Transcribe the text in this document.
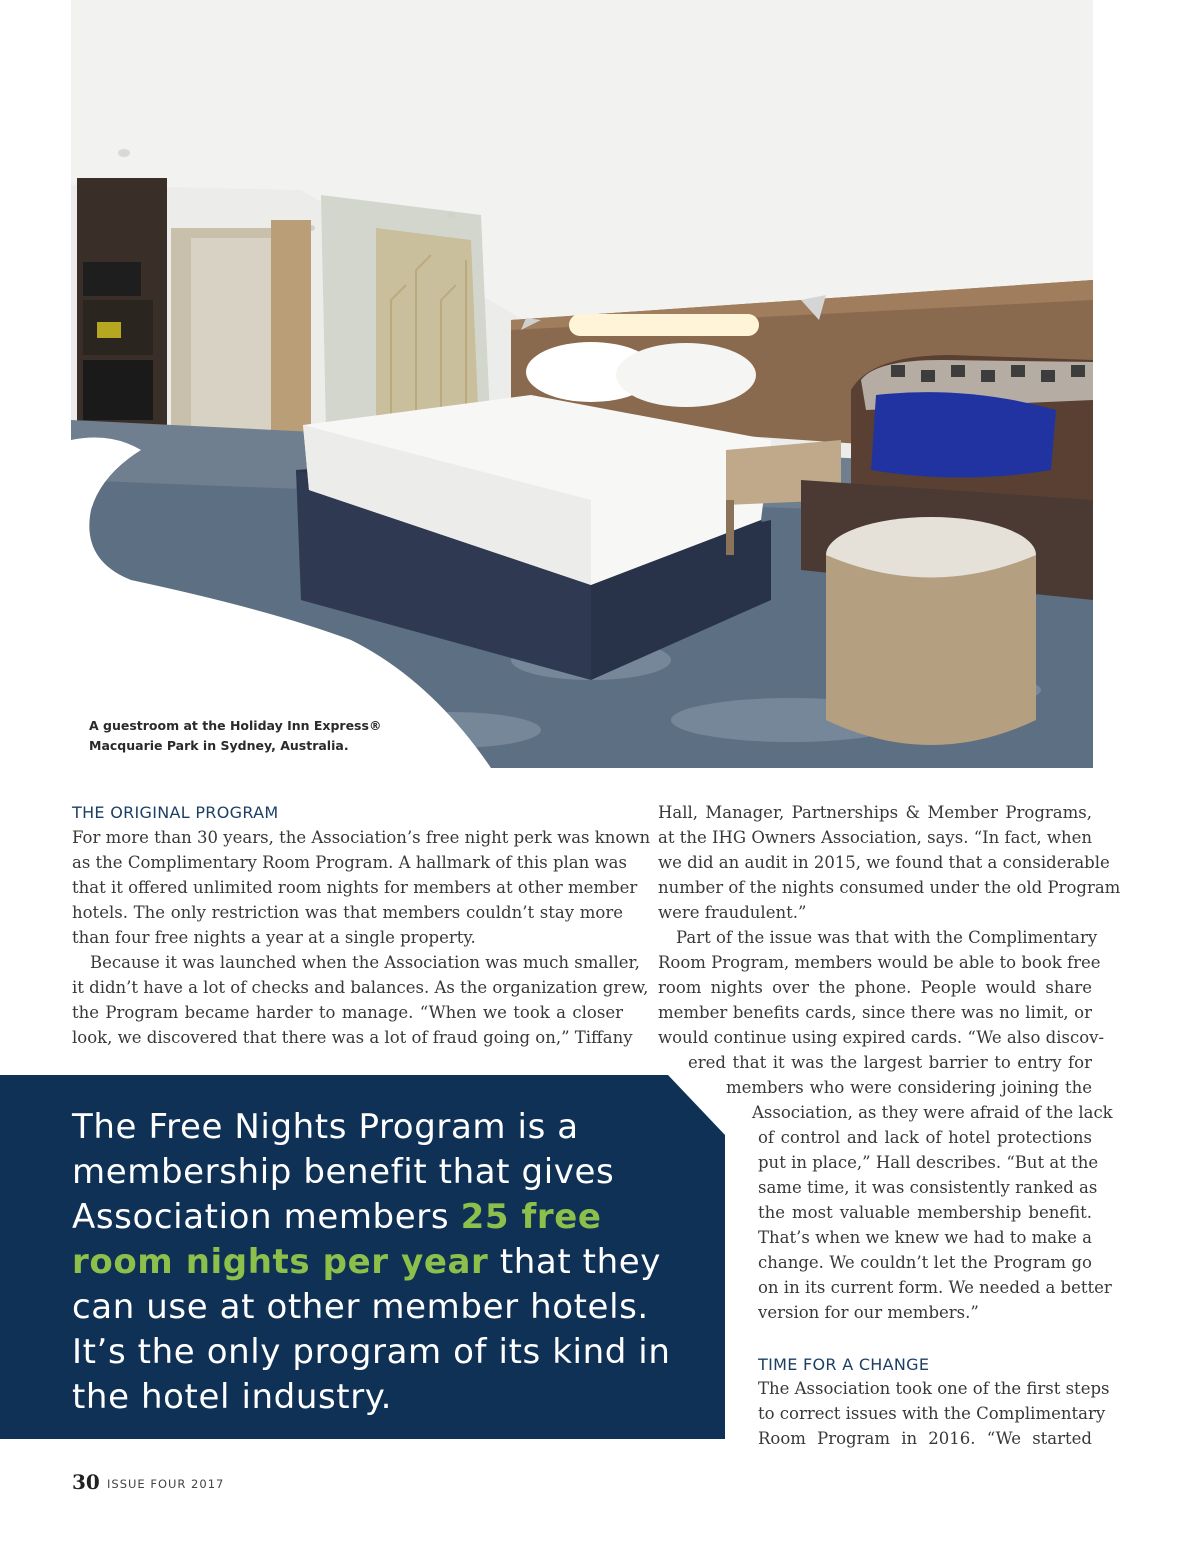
A guestroom at the Holiday Inn Express®
Macquarie Park in Sydney, Australia.
THE ORIGINAL PROGRAM
For more than 30 years, the Association’s free night perk was known
as the Complimentary Room Program. A hallmark of this plan was
that it offered unlimited room nights for members at other member
hotels. The only restriction was that members couldn’t stay more
than four free nights a year at a single property.
Because it was launched when the Association was much smaller,
it didn’t have a lot of checks and balances. As the organization grew,
the Program became harder to manage. “When we took a closer
look, we discovered that there was a lot of fraud going on,” Tiffany
Hall, Manager, Partnerships & Member Programs,
at the IHG Owners Association, says. “In fact, when
we did an audit in 2015, we found that a considerable
number of the nights consumed under the old Program
were fraudulent.”
Part of the issue was that with the Complimentary
Room Program, members would be able to book free
room nights over the phone. People would share
member benefits cards, since there was no limit, or
would continue using expired cards. “We also discov-
ered that it was the largest barrier to entry for
members who were considering joining the
Association, as they were afraid of the lack
of control and lack of hotel protections
put in place,” Hall describes. “But at the
same time, it was consistently ranked as
the most valuable membership benefit.
That’s when we knew we had to make a
change. We couldn’t let the Program go
on in its current form. We needed a better
version for our members.”
TIME FOR A CHANGE
The Association took one of the first steps
to correct issues with the Complimentary
Room Program in 2016. “We started
The Free Nights Program is a
membership benefit that gives
Association members 25 free
room nights per year that they
can use at other member hotels.
It’s the only program of its kind in
the hotel industry.
30 ISSUE FOUR 2017
